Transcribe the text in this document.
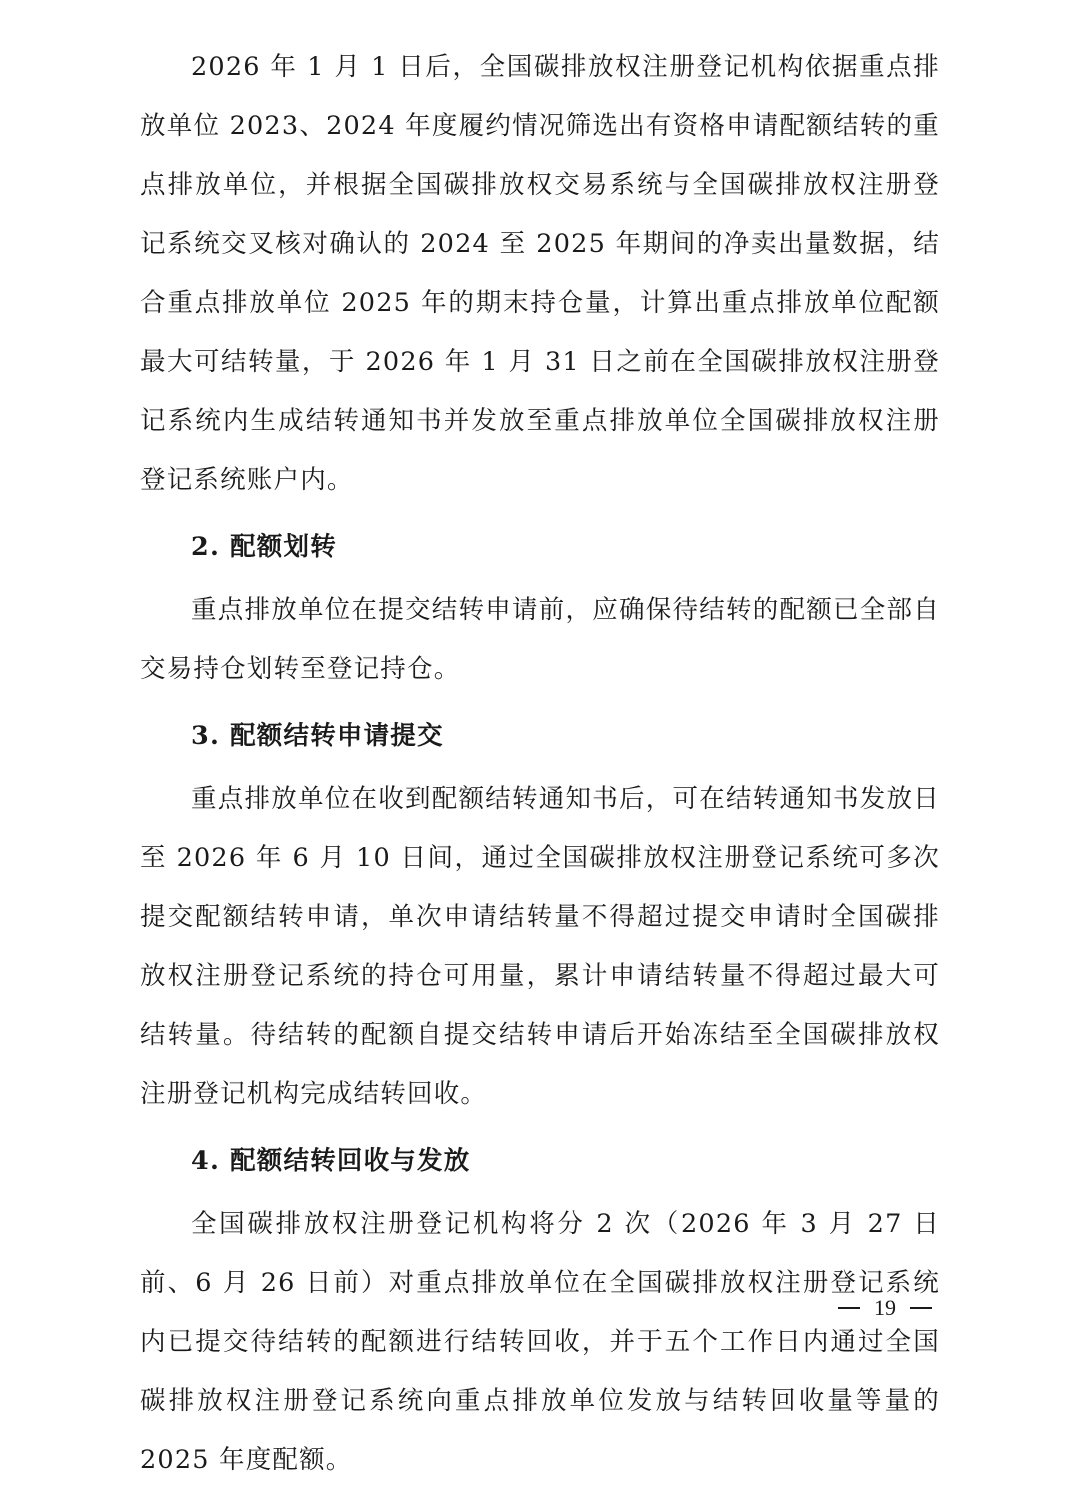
2026 年 1 月 1 日后，全国碳排放权注册登记机构依据重点排放单位 2023、2024 年度履约情况筛选出有资格申请配额结转的重点排放单位，并根据全国碳排放权交易系统与全国碳排放权注册登记系统交叉核对确认的 2024 至 2025 年期间的净卖出量数据，结合重点排放单位 2025 年的期末持仓量，计算出重点排放单位配额最大可结转量，于 2026 年 1 月 31 日之前在全国碳排放权注册登记系统内生成结转通知书并发放至重点排放单位全国碳排放权注册登记系统账户内。

2. 配额划转

重点排放单位在提交结转申请前，应确保待结转的配额已全部自交易持仓划转至登记持仓。

3. 配额结转申请提交

重点排放单位在收到配额结转通知书后，可在结转通知书发放日至 2026 年 6 月 10 日间，通过全国碳排放权注册登记系统可多次提交配额结转申请，单次申请结转量不得超过提交申请时全国碳排放权注册登记系统的持仓可用量，累计申请结转量不得超过最大可结转量。待结转的配额自提交结转申请后开始冻结至全国碳排放权注册登记机构完成结转回收。

4. 配额结转回收与发放

全国碳排放权注册登记机构将分 2 次（2026 年 3 月 27 日前、6 月 26 日前）对重点排放单位在全国碳排放权注册登记系统内已提交待结转的配额进行结转回收，并于五个工作日内通过全国碳排放权注册登记系统向重点排放单位发放与结转回收量等量的 2025 年度配额。

19
